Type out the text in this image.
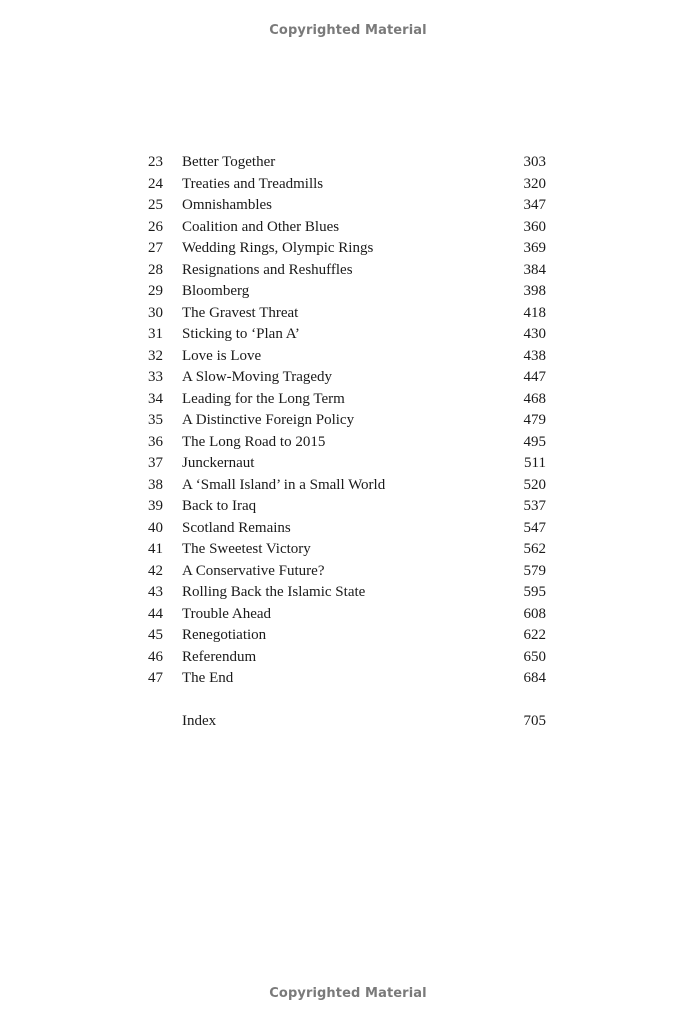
Copyrighted Material
23 Better Together	303
24 Treaties and Treadmills	320
25 Omnishambles	347
26 Coalition and Other Blues	360
27 Wedding Rings, Olympic Rings	369
28 Resignations and Reshuffles	384
29 Bloomberg	398
30 The Gravest Threat	418
31 Sticking to ‘Plan A’	430
32 Love is Love	438
33 A Slow-Moving Tragedy	447
34 Leading for the Long Term	468
35 A Distinctive Foreign Policy	479
36 The Long Road to 2015	495
37 Junckernaut	511
38 A ‘Small Island’ in a Small World	520
39 Back to Iraq	537
40 Scotland Remains	547
41 The Sweetest Victory	562
42 A Conservative Future?	579
43 Rolling Back the Islamic State	595
44 Trouble Ahead	608
45 Renegotiation	622
46 Referendum	650
47 The End	684
Index	705
Copyrighted Material
